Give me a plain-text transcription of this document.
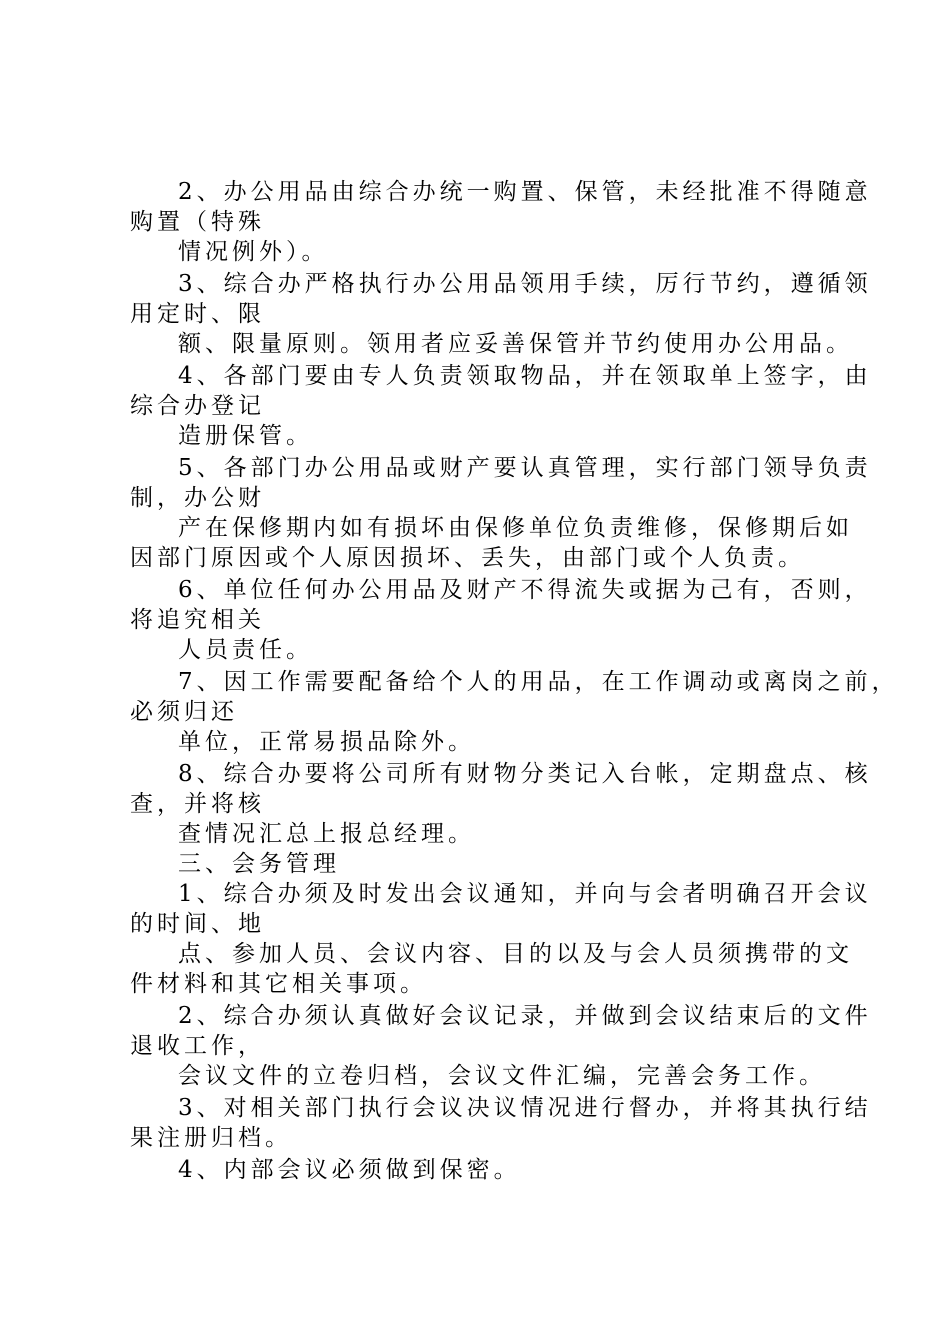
2、办公用品由综合办统一购置、保管，未经批准不得随意

购置（特殊

情况例外）。

3、综合办严格执行办公用品领用手续，厉行节约，遵循领

用定时、限

额、限量原则。领用者应妥善保管并节约使用办公用品。

4、各部门要由专人负责领取物品，并在领取单上签字，由

综合办登记

造册保管。

5、各部门办公用品或财产要认真管理，实行部门领导负责

制，办公财

产在保修期内如有损坏由保修单位负责维修，保修期后如

因部门原因或个人原因损坏、丢失，由部门或个人负责。

6、单位任何办公用品及财产不得流失或据为己有，否则，

将追究相关

人员责任。

7、因工作需要配备给个人的用品，在工作调动或离岗之前，

必须归还

单位，正常易损品除外。

8、综合办要将公司所有财物分类记入台帐，定期盘点、核

查，并将核

查情况汇总上报总经理。

三、会务管理

1、综合办须及时发出会议通知，并向与会者明确召开会议

的时间、地

点、参加人员、会议内容、目的以及与会人员须携带的文

件材料和其它相关事项。

2、综合办须认真做好会议记录，并做到会议结束后的文件

退收工作，

会议文件的立卷归档，会议文件汇编，完善会务工作。

3、对相关部门执行会议决议情况进行督办，并将其执行结

果注册归档。

4、内部会议必须做到保密。
